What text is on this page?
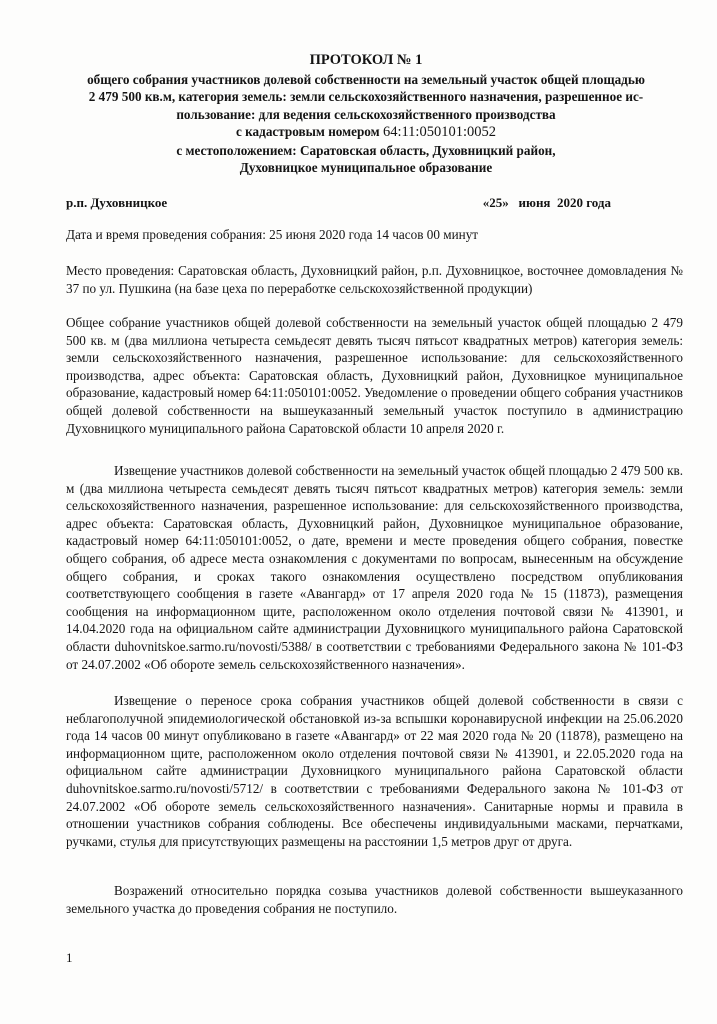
ПРОТОКОЛ № 1
общего собрания участников долевой собственности на земельный участок общей площадью
2 479 500 кв.м, категория земель: земли сельскохозяйственного назначения, разрешенное ис-
пользование: для ведения сельскохозяйственного производства
с кадастровым номером 64:11:050101:0052
с местоположением: Саратовская область, Духовницкий район,
Духовницкое муниципальное образование
р.п. Духовницкое	«25»   июня  2020 года
Дата и время проведения собрания: 25 июня 2020 года 14 часов 00 минут
Место проведения: Саратовская область, Духовницкий район, р.п. Духовницкое, восточнее домовладения № 37 по ул. Пушкина (на базе цеха по переработке сельскохозяйственной продукции)
Общее собрание участников общей долевой собственности на земельный участок общей площадью 2 479 500 кв. м (два миллиона четыреста семьдесят девять тысяч пятьсот квадратных метров) категория земель: земли сельскохозяйственного назначения, разрешенное использование: для сельскохозяйственного производства, адрес объекта: Саратовская область, Духовницкий район, Духовницкое муниципальное образование, кадастровый номер 64:11:050101:0052. Уведомление о проведении общего собрания участников общей долевой собственности на вышеуказанный земельный участок поступило в администрацию Духовницкого муниципального района Саратовской области 10 апреля 2020 г.
Извещение участников долевой собственности на земельный участок общей площадью 2 479 500 кв. м (два миллиона четыреста семьдесят девять тысяч пятьсот квадратных метров) категория земель: земли сельскохозяйственного назначения, разрешенное использование: для сельскохозяйственного производства, адрес объекта: Саратовская область, Духовницкий район, Духовницкое муниципальное образование, кадастровый номер 64:11:050101:0052, о дате, времени и месте проведения общего собрания, повестке общего собрания, об адресе места ознакомления с документами по вопросам, вынесенным на обсуждение общего собрания, и сроках такого ознакомления осуществлено посредством опубликования соответствующего сообщения в газете «Авангард» от 17 апреля 2020 года № 15 (11873), размещения сообщения на информационном щите, расположенном около отделения почтовой связи № 413901, и 14.04.2020 года на официальном сайте администрации Духовницкого муниципального района Саратовской области duhovnitskoe.sarmo.ru/novosti/5388/ в соответствии с требованиями Федерального закона № 101-ФЗ от 24.07.2002 «Об обороте земель сельскохозяйственного назначения».
Извещение о переносе срока собрания участников общей долевой собственности в связи с неблагополучной эпидемиологической обстановкой из-за вспышки коронавирусной инфекции на 25.06.2020 года 14 часов 00 минут опубликовано в газете «Авангард» от 22 мая 2020 года № 20 (11878), размещено на информационном щите, расположенном около отделения почтовой связи № 413901, и 22.05.2020 года на официальном сайте администрации Духовницкого муниципального района Саратовской области duhovnitskoe.sarmo.ru/novosti/5712/ в соответствии с требованиями Федерального закона № 101-ФЗ от 24.07.2002 «Об обороте земель сельскохозяйственного назначения». Санитарные нормы и правила в отношении участников собрания соблюдены. Все обеспечены индивидуальными масками, перчатками, ручками, стулья для присутствующих размещены на расстоянии 1,5 метров друг от друга.
Возражений относительно порядка созыва участников долевой собственности вышеуказанного земельного участка до проведения собрания не поступило.
1
